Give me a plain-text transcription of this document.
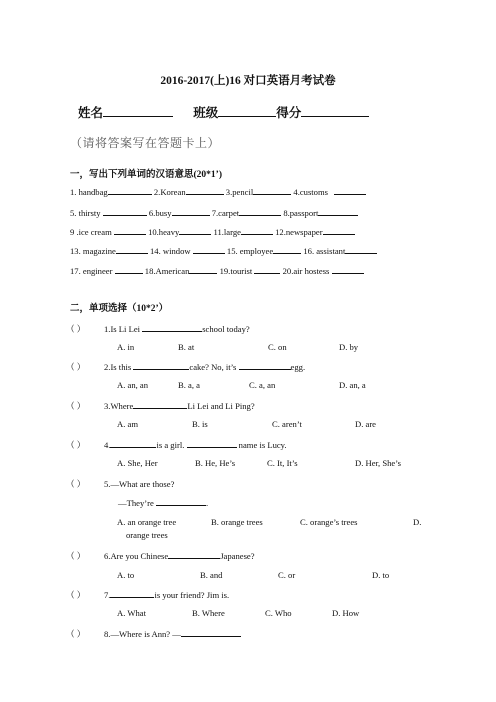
2016-2017(上)16 对口英语月考试卷
姓名	班级	得分
（请将答案写在答题卡上）
一，写出下列单词的汉语意思(20*1’)
1. handbag	2.Korean	3.pencil	4.customs
5. thirsty	6.busy	7.carpet	8.passport
9 .ice cream	10.heavy	11.large	12.newspaper
13. magazine	14. window	15. employee	16. assistant
17. engineer	18.American	19.tourist	20.air hostess
二，单项选择（10*2’）
（ ） 1.Is Li Lei	school today?
A. in	B. at	C. on	D. by
（ ） 2.Is this	cake? No, it’s	egg.
A. an, an	B. a, a	C. a, an	D. an, a
（ ） 3.Where	Li Lei and Li Ping?
A. am	B. is	C. aren’t	D. are
（ ） 4.	is a girl.	name is Lucy.
A. She, Her	B. He, He’s	C. It, It’s	D. Her, She’s
（ ） 5.—What are those?
—They’re	.
A. an orange tree	B. orange trees	C. orange’s trees	D.
orange trees
（ ） 6.Are you Chinese	Japanese?
A. to	B. and	C. or	D. to
（ ） 7.	is your friend? Jim is.
A. What	B. Where	C. Who	D. How
（ ） 8.—Where is Ann? —
